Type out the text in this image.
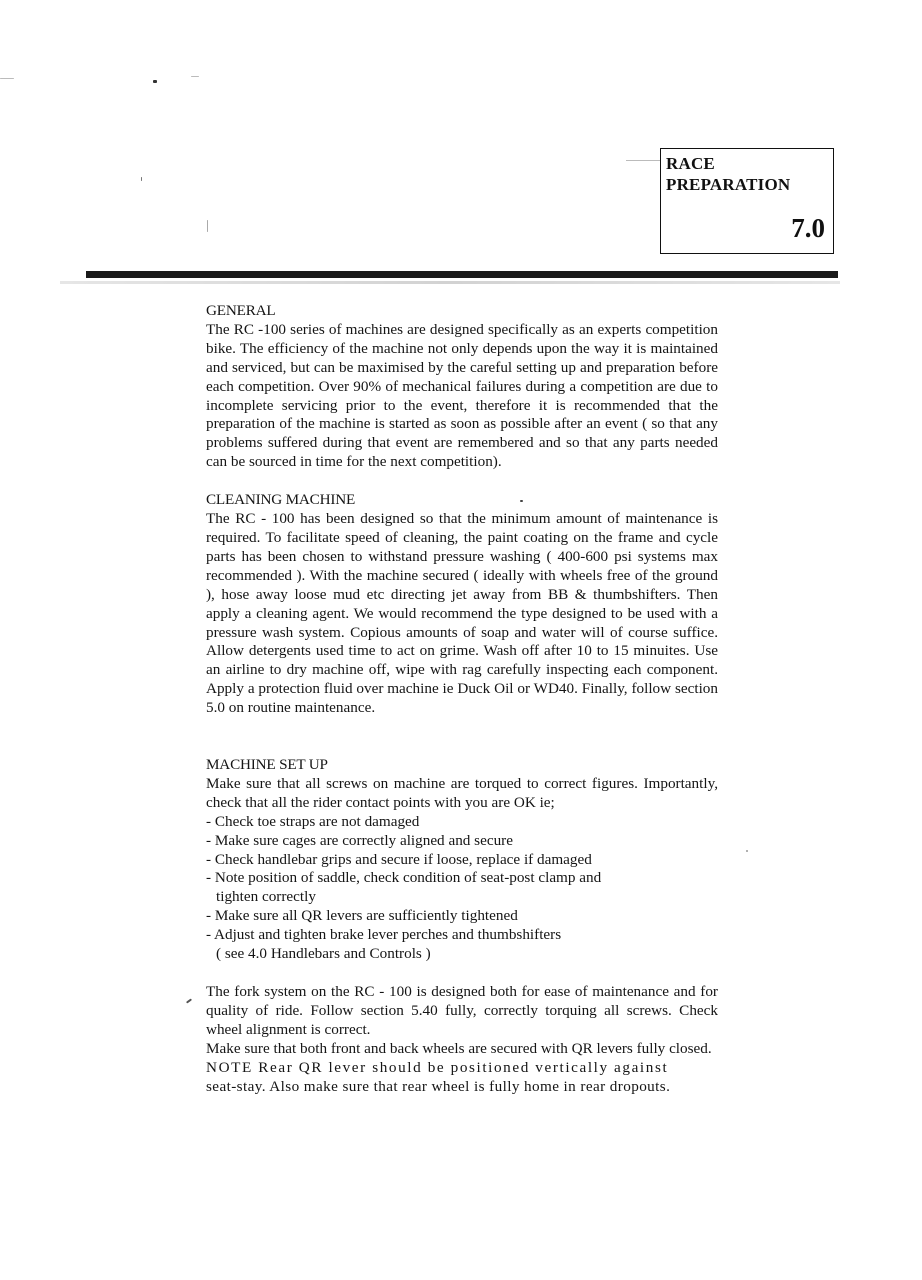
RACE
PREPARATION
7.0
GENERAL

The RC -100 series of machines are designed specifically as an experts competition bike. The efficiency of the machine not only depends upon the way it is maintained and serviced, but can be maximised by the careful setting up and preparation before each competition. Over 90% of mechanical failures during a competition are due to incomplete servicing prior to the event, therefore it is recommended that the preparation of the machine is started as soon as possible after an event ( so that any problems suffered during that event are remembered and so that any parts needed can be sourced in time for the next competition).

CLEANING MACHINE

The RC - 100 has been designed so that the minimum amount of maintenance is required. To facilitate speed of cleaning, the paint coating on the frame and cycle parts has been chosen to withstand pressure washing ( 400-600 psi systems max recommended ). With the machine secured ( ideally with wheels free of the ground ), hose away loose mud etc directing jet away from BB & thumbshifters. Then apply a cleaning agent. We would recommend the type designed to be used with a pressure wash system. Copious amounts of soap and water will of course suffice. Allow detergents used time to act on grime. Wash off after 10 to 15 minuites. Use an airline to dry machine off, wipe with rag carefully inspecting each component. Apply a protection fluid over machine ie Duck Oil or WD40. Finally, follow section 5.0 on routine maintenance.

MACHINE SET UP

Make sure that all screws on machine are torqued to correct figures. Importantly, check that all the rider contact points with you are OK ie;

- Check toe straps are not damaged
- Make sure cages are correctly aligned and secure
- Check handlebar grips and secure if loose, replace if damaged
- Note position of saddle, check condition of seat-post clamp and
tighten correctly
- Make sure all QR levers are sufficiently tightened
- Adjust and tighten brake lever perches and thumbshifters
( see 4.0 Handlebars and Controls )

The fork system on the RC - 100 is designed both for ease of maintenance and for quality of ride. Follow section 5.40 fully, correctly torquing all screws. Check wheel alignment is correct.

Make sure that both front and back wheels are secured with QR levers fully closed.

NOTE Rear QR lever should be positioned vertically against
seat-stay. Also make sure that rear wheel is fully home in rear dropouts.
